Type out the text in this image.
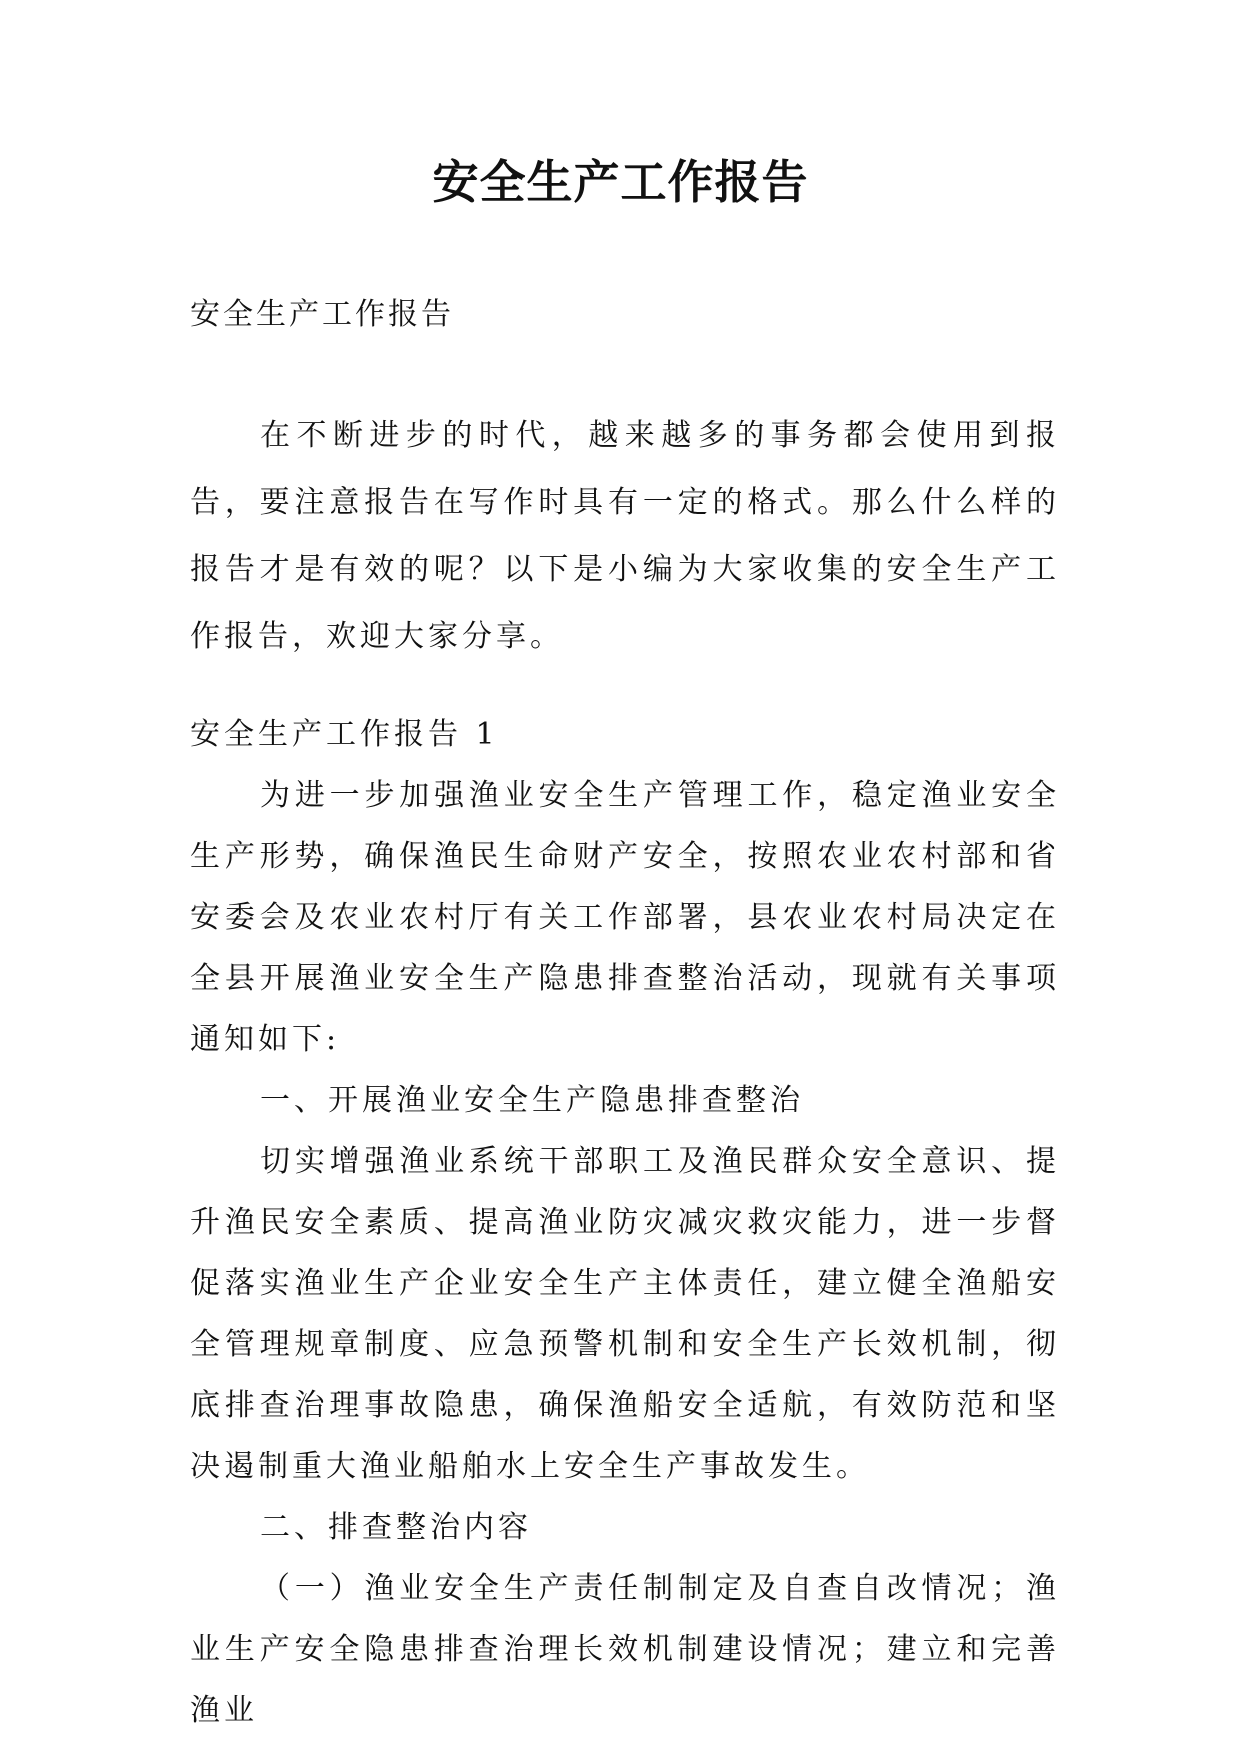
安全生产工作报告

安全生产工作报告

在不断进步的时代，越来越多的事务都会使用到报告，要注意报告在写作时具有一定的格式。那么什么样的报告才是有效的呢？以下是小编为大家收集的安全生产工作报告，欢迎大家分享。

安全生产工作报告 1

为进一步加强渔业安全生产管理工作，稳定渔业安全生产形势，确保渔民生命财产安全，按照农业农村部和省安委会及农业农村厅有关工作部署，县农业农村局决定在全县开展渔业安全生产隐患排查整治活动，现就有关事项通知如下:

一、开展渔业安全生产隐患排查整治

切实增强渔业系统干部职工及渔民群众安全意识、提升渔民安全素质、提高渔业防灾减灾救灾能力，进一步督促落实渔业生产企业安全生产主体责任，建立健全渔船安全管理规章制度、应急预警机制和安全生产长效机制，彻底排查治理事故隐患，确保渔船安全适航，有效防范和坚决遏制重大渔业船舶水上安全生产事故发生。

二、排查整治内容

（一）渔业安全生产责任制制定及自查自改情况；渔业生产安全隐患排查治理长效机制建设情况；建立和完善渔业
